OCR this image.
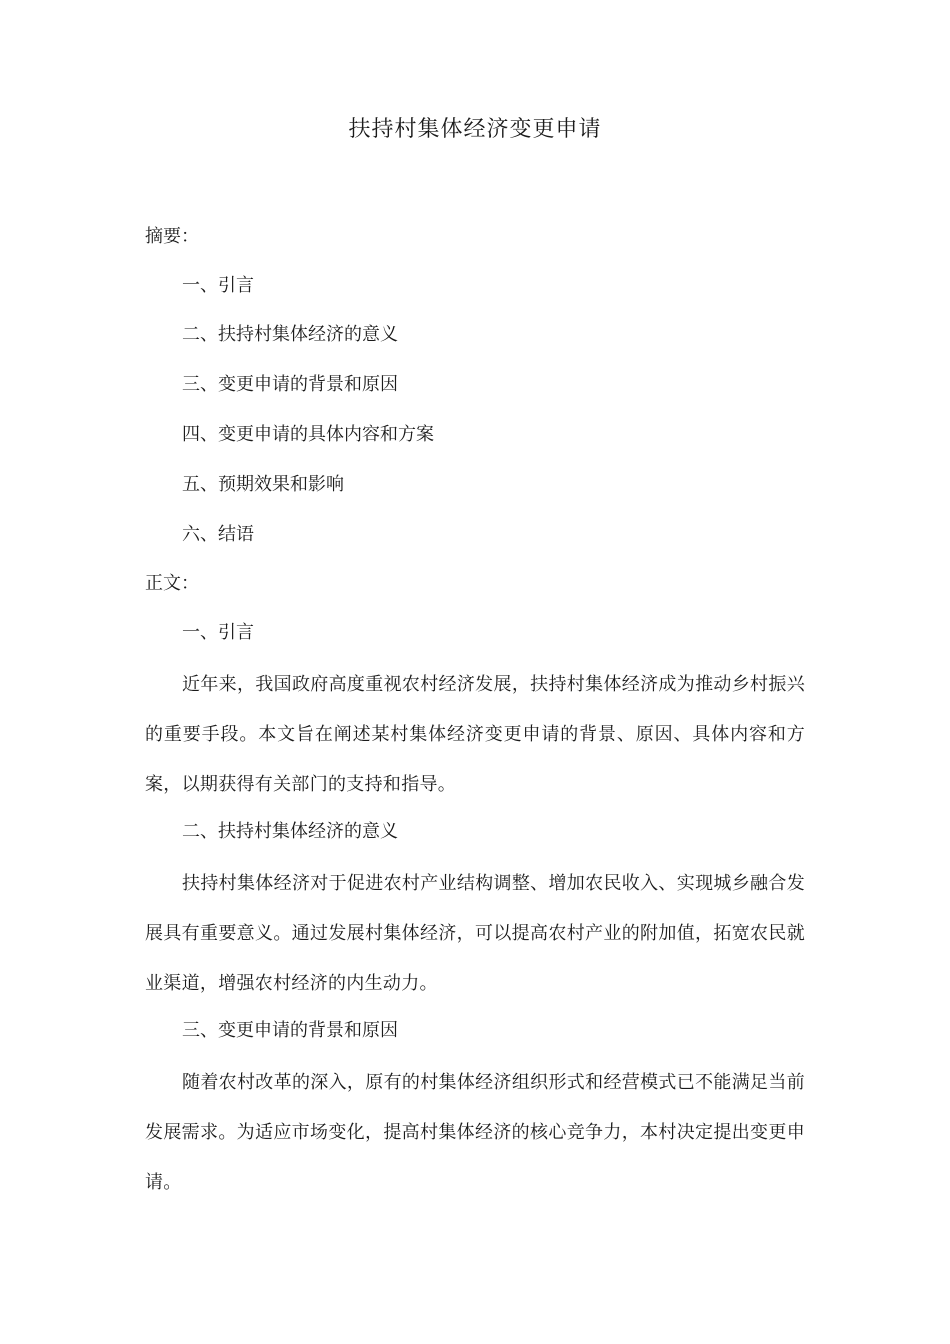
扶持村集体经济变更申请
摘要：
一、引言
二、扶持村集体经济的意义
三、变更申请的背景和原因
四、变更申请的具体内容和方案
五、预期效果和影响
六、结语
正文：
一、引言
近年来，我国政府高度重视农村经济发展，扶持村集体经济成为推动乡村振兴的重要手段。本文旨在阐述某村集体经济变更申请的背景、原因、具体内容和方案，以期获得有关部门的支持和指导。
二、扶持村集体经济的意义
扶持村集体经济对于促进农村产业结构调整、增加农民收入、实现城乡融合发展具有重要意义。通过发展村集体经济，可以提高农村产业的附加值，拓宽农民就业渠道，增强农村经济的内生动力。
三、变更申请的背景和原因
随着农村改革的深入，原有的村集体经济组织形式和经营模式已不能满足当前发展需求。为适应市场变化，提高村集体经济的核心竞争力，本村决定提出变更申请。
